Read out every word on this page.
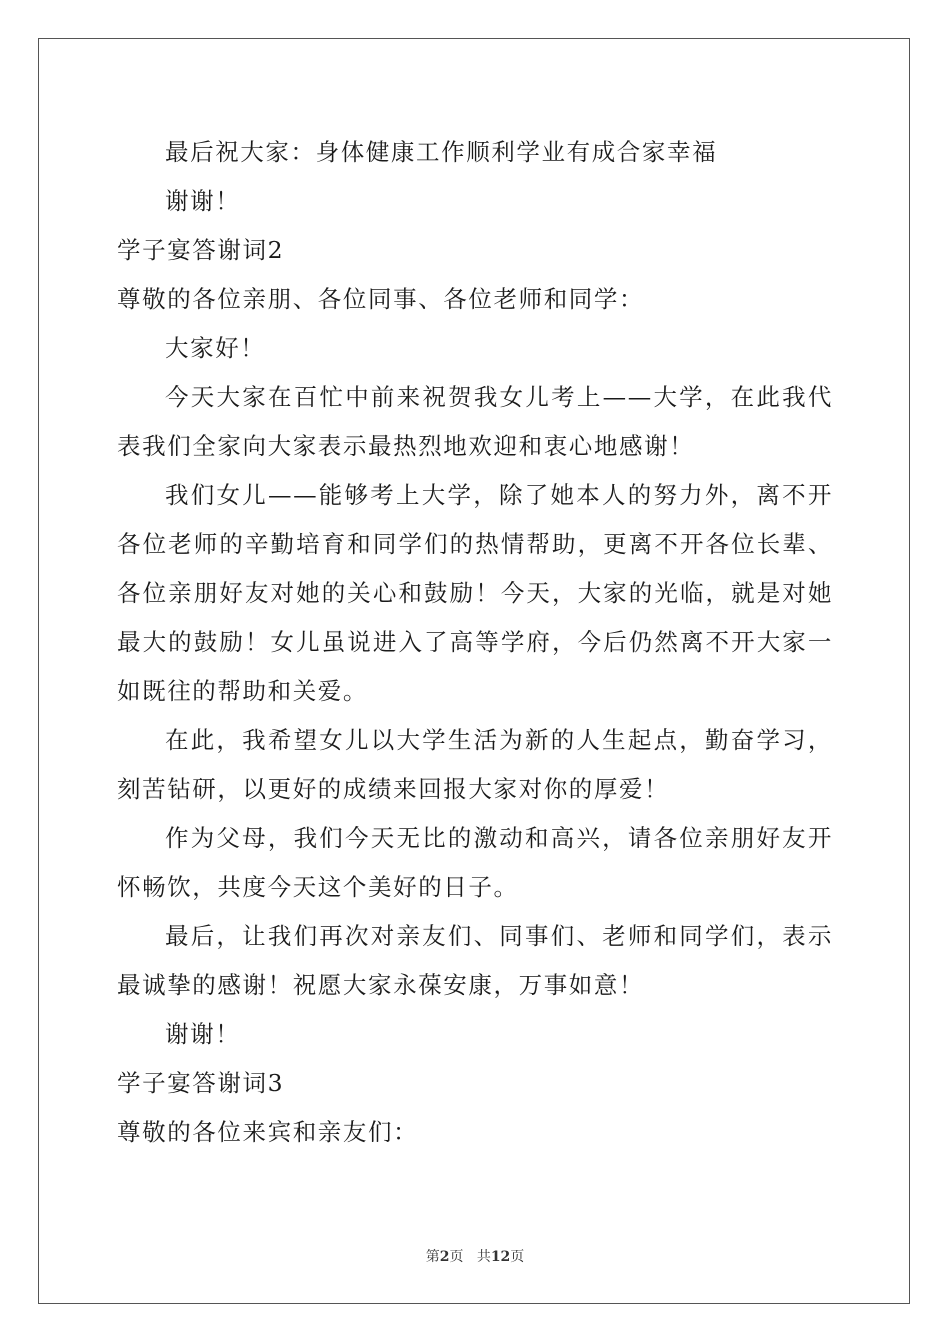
最后祝大家：身体健康工作顺利学业有成合家幸福

谢谢！

学子宴答谢词2

尊敬的各位亲朋、各位同事、各位老师和同学：

大家好！

今天大家在百忙中前来祝贺我女儿考上——大学，在此我代表我们全家向大家表示最热烈地欢迎和衷心地感谢！

我们女儿——能够考上大学，除了她本人的努力外，离不开各位老师的辛勤培育和同学们的热情帮助，更离不开各位长辈、各位亲朋好友对她的关心和鼓励！今天，大家的光临，就是对她最大的鼓励！女儿虽说进入了高等学府，今后仍然离不开大家一如既往的帮助和关爱。

在此，我希望女儿以大学生活为新的人生起点，勤奋学习，刻苦钻研，以更好的成绩来回报大家对你的厚爱！

作为父母，我们今天无比的激动和高兴，请各位亲朋好友开怀畅饮，共度今天这个美好的日子。

最后，让我们再次对亲友们、同事们、老师和同学们，表示最诚挚的感谢！祝愿大家永葆安康，万事如意！

谢谢！

学子宴答谢词3

尊敬的各位来宾和亲友们：

第2页 共12页
